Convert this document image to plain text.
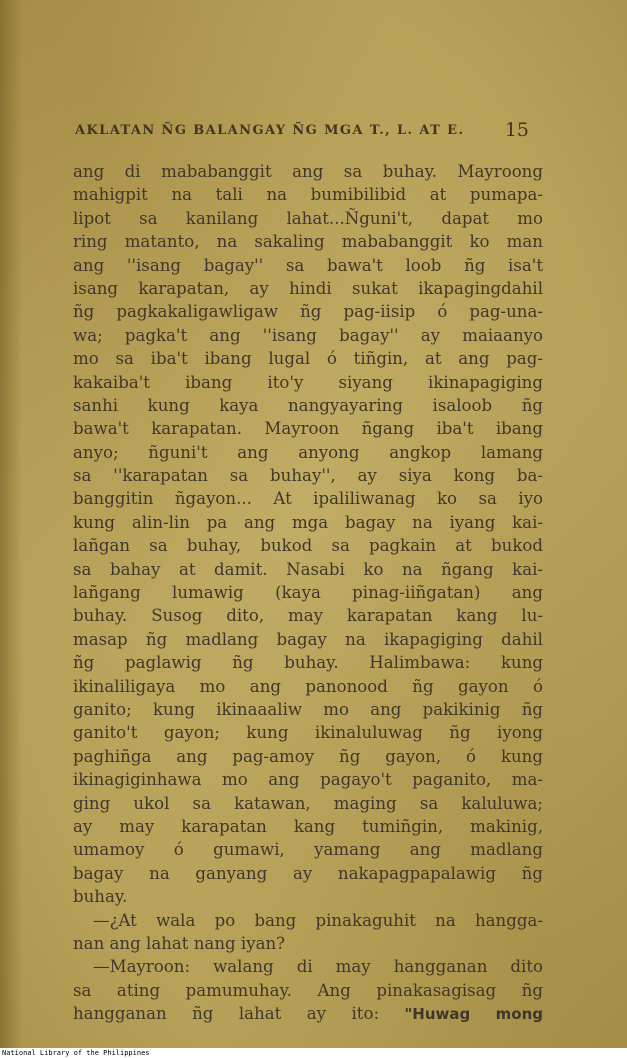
AKLATAN ÑG BALANGAY ÑG MGA T., L. AT E. 15
ang di mababanggit ang sa buhay. Mayroong
mahigpit na tali na bumibilibid at pumapa-
lipot sa kanilang lahat...Ñguni't, dapat mo
ring matanto, na sakaling mababanggit ko man
ang ''isang bagay'' sa bawa't loob ñg isa't
isang karapatan, ay hindi sukat ikapagingdahil
ñg pagkakaligawligaw ñg pag-iisip ó pag-una-
wa; pagka't ang ''isang bagay'' ay maiaanyo
mo sa iba't ibang lugal ó tiñgin, at ang pag-
kakaiba't ibang ito'y siyang ikinapagiging
sanhi kung kaya nangyayaring isaloob ñg
bawa't karapatan. Mayroon ñgang iba't ibang
anyo; ñguni't ang anyong angkop lamang
sa ''karapatan sa buhay'', ay siya kong ba-
banggitin ñgayon... At ipaliliwanag ko sa iyo
kung alin-lin pa ang mga bagay na iyang kai-
lañgan sa buhay, bukod sa pagkain at bukod
sa bahay at damit. Nasabi ko na ñgang kai-
lañgang lumawig (kaya pinag-iiñgatan) ang
buhay. Susog dito, may karapatan kang lu-
masap ñg madlang bagay na ikapagiging dahil
ñg paglawig ñg buhay. Halimbawa: kung
ikinaliligaya mo ang panonood ñg gayon ó
ganito; kung ikinaaaliw mo ang pakikinig ñg
ganito't gayon; kung ikinaluluwag ñg iyong
paghiñga ang pag-amoy ñg gayon, ó kung
ikinagiginhawa mo ang pagayo't paganito, ma-
ging ukol sa katawan, maging sa kaluluwa;
ay may karapatan kang tumiñgin, makinig,
umamoy ó gumawi, yamang ang madlang
bagay na ganyang ay nakapagpapalawig ñg
buhay.
—¿At wala po bang pinakaguhit na hangga-
nan ang lahat nang iyan?
—Mayroon: walang di may hangganan dito
sa ating pamumuhay. Ang pinakasagisag ñg
hangganan ñg lahat ay ito: "Huwag mong
National Library of the Philippines
